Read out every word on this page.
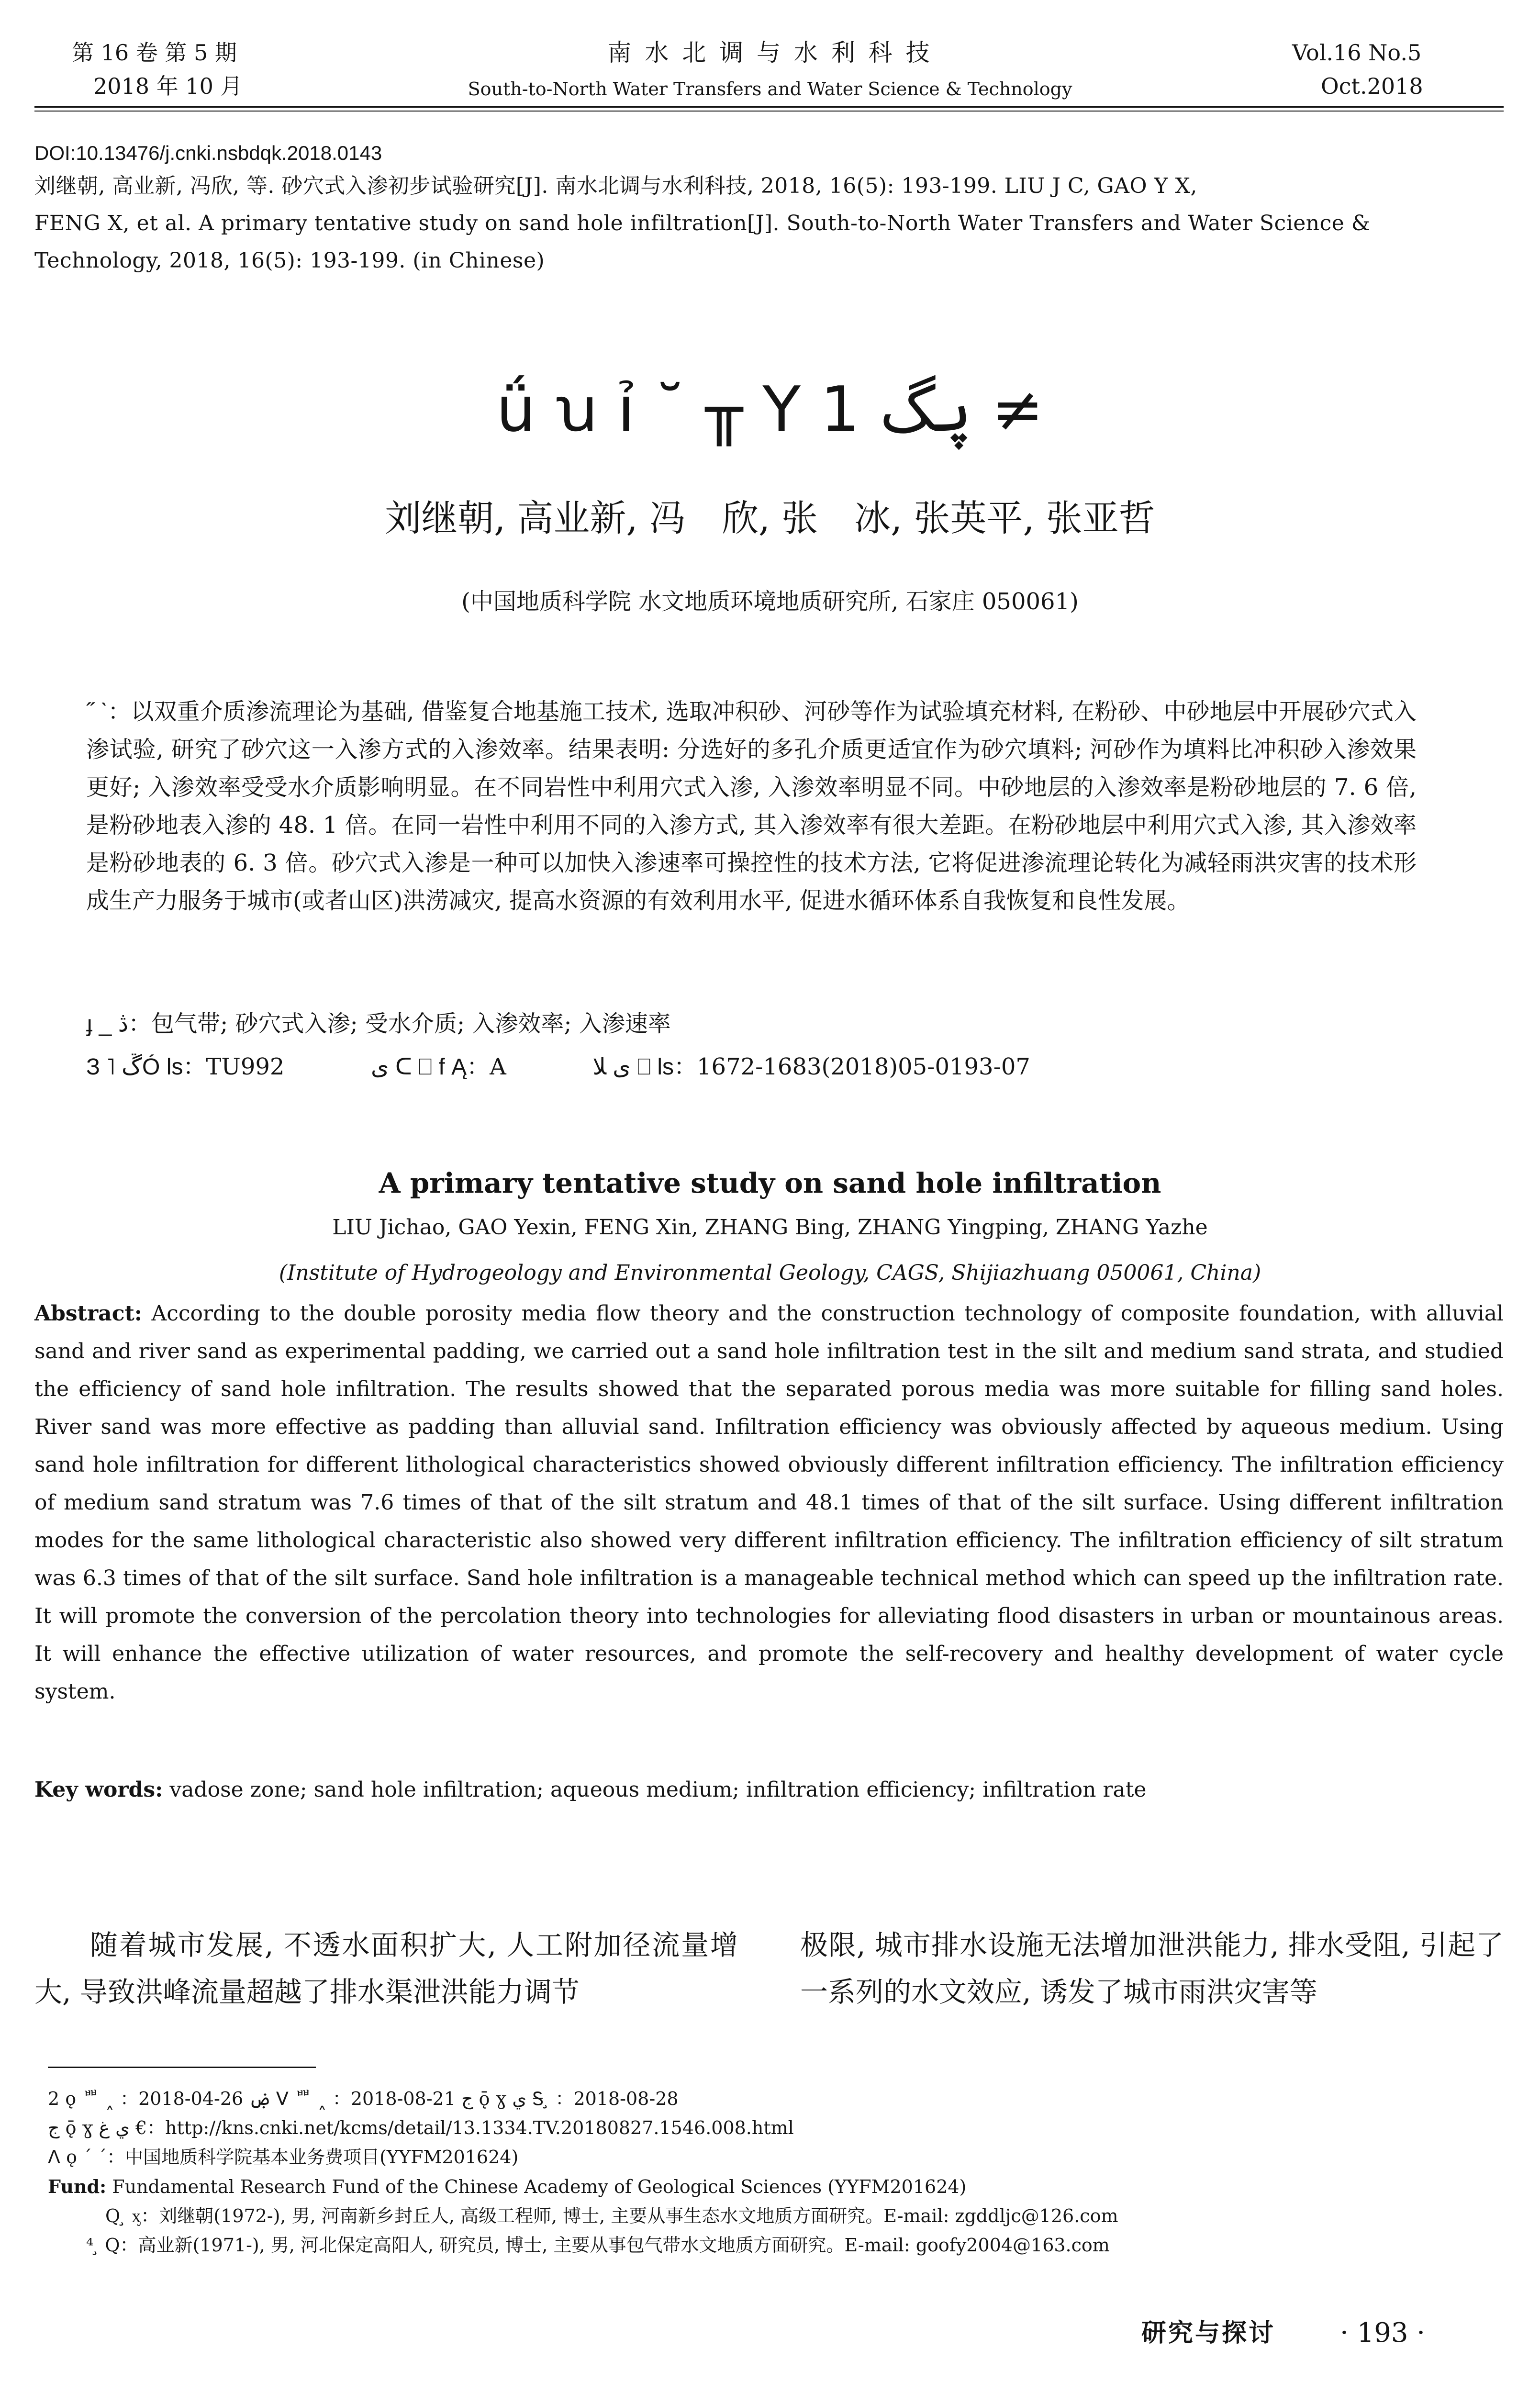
第 16 卷 第 5 期
2018 年 10 月
南 水 北 调 与 水 利 科 技
South-to-North Water Transfers and Water Science & Technology
Vol.16 No.5
Oct.2018
DOI:10.13476/j.cnki.nsbdqk.2018.0143
刘继朝, 高业新, 冯欣, 等. 砂穴式入渗初步试验研究[J]. 南水北调与水利科技, 2018, 16(5): 193-199. LIU J C, GAO Y X,
FENG X, et al. A primary tentative study on sand hole infiltration[J]. South-to-North Water Transfers and Water Science &
Technology, 2018, 16(5): 193-199. (in Chinese)
ǘ ꭒ ỉ ˘ ╥ Y 1 ۑگ ≠
刘继朝, 高业新, 冯　欣, 张　冰, 张英平, 张亚哲
(中国地质科学院 水文地质环境地质研究所, 石家庄 050061)
˝ ˋ：以双重介质渗流理论为基础, 借鉴复合地基施工技术, 选取冲积砂、河砂等作为试验填充材料, 在粉砂、中砂地层中开展砂穴式入渗试验, 研究了砂穴这一入渗方式的入渗效率。结果表明: 分选好的多孔介质更适宜作为砂穴填料; 河砂作为填料比冲积砂入渗效果更好; 入渗效率受受水介质影响明显。在不同岩性中利用穴式入渗, 入渗效率明显不同。中砂地层的入渗效率是粉砂地层的 7. 6 倍, 是粉砂地表入渗的 48. 1 倍。在同一岩性中利用不同的入渗方式, 其入渗效率有很大差距。在粉砂地层中利用穴式入渗, 其入渗效率是粉砂地表的 6. 3 倍。砂穴式入渗是一种可以加快入渗速率可操控性的技术方法, 它将促进渗流理论转化为减轻雨洪灾害的技术形成生产力服务于城市(或者山区)洪涝减灾, 提高水资源的有效利用水平, 促进水循环体系自我恢复和良性发展。
ɟ _ ڎ：包气带; 砂穴式入渗; 受水介质; 入渗效率; 入渗速率
З ˥ ڱÓ ls：TU992	ى ᑕ ⎕ f Ą：A	ى ﻼ ⎕ ls：1672-1683(2018)05-0193-07
A primary tentative study on sand hole infiltration
LIU Jichao, GAO Yexin, FENG Xin, ZHANG Bing, ZHANG Yingping, ZHANG Yazhe
(Institute of Hydrogeology and Environmental Geology, CAGS, Shijiazhuang 050061, China)
Abstract: According to the double porosity media flow theory and the construction technology of composite foundation, with alluvial sand and river sand as experimental padding, we carried out a sand hole infiltration test in the silt and medium sand strata, and studied the efficiency of sand hole infiltration. The results showed that the separated porous media was more suitable for filling sand holes. River sand was more effective as padding than alluvial sand. Infiltration efficiency was obviously affected by aqueous medium. Using sand hole infiltration for different lithological characteristics showed obviously different infiltration efficiency. The infiltration efficiency of medium sand stratum was 7.6 times of that of the silt stratum and 48.1 times of that of the silt surface. Using different infiltration modes for the same lithological characteristic also showed very different infiltration efficiency. The infiltration efficiency of silt stratum was 6.3 times of that of the silt surface. Sand hole infiltration is a manageable technical method which can speed up the infiltration rate. It will promote the conversion of the percolation theory into technologies for alleviating flood disasters in urban or mountainous areas. It will enhance the effective utilization of water resources, and promote the self-recovery and healthy development of water cycle system.
Key words: vadose zone; sand hole infiltration; aqueous medium; infiltration efficiency; infiltration rate
随着城市发展, 不透水面积扩大, 人工附加径流量增大, 导致洪峰流量超越了排水渠泄洪能力调节
极限, 城市排水设施无法增加泄洪能力, 排水受阻, 引起了一系列的水文效应, 诱发了城市雨洪灾害等
2 ǫ ᄈ ˰ ：2018-04-26 ۻ ᐯ ᄈ ˰ ：2018-08-21 ج ǭ ɣ ي Ꭶ ̧ ：2018-08-28
ج ǭ ɣ ي غ €：http://kns.cnki.net/kcms/detail/13.1334.TV.20180827.1546.008.html
ᐱ ǫ ˊ ˊ：中国地质科学院基本业务费项目(YYFM201624)
Fund: Fundamental Research Fund of the Chinese Academy of Geological Sciences (YYFM201624)
Q ̧ ᶍ：刘继朝(1972-), 男, 河南新乡封丘人, 高级工程师, 博士, 主要从事生态水文地质方面研究。E-mail: zgddljc@126.com
⁴ ̧ Q：高业新(1971-), 男, 河北保定高阳人, 研究员, 博士, 主要从事包气带水文地质方面研究。E-mail: goofy2004@163.com
研究与探讨 · 193 ·
